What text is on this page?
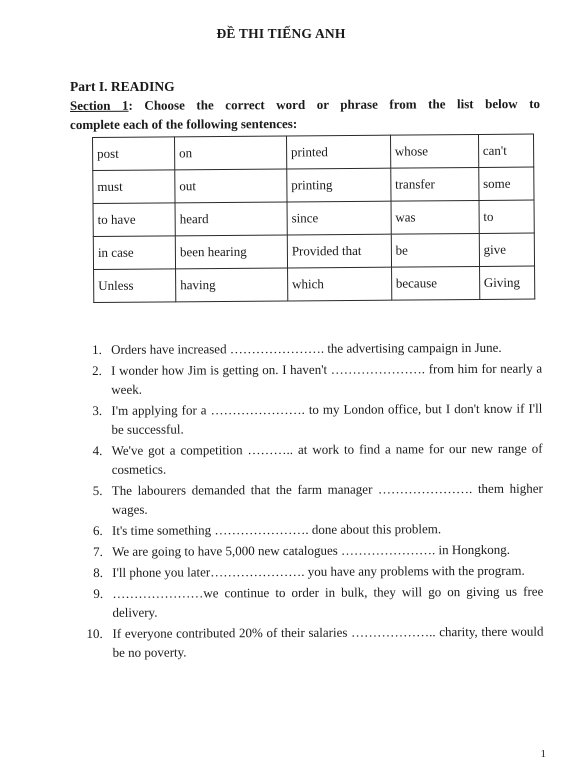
ĐỀ THI TIẾNG ANH
Part I. READING
Section 1: Choose the correct word or phrase from the list below to
complete each of the following sentences:
post	on	printed	whose	can't
must	out	printing	transfer	some
to have	heard	since	was	to
in case	been hearing	Provided that	be	give
Unless	having	which	because	Giving
1. Orders have increased …………………. the advertising campaign in June.
2. I wonder how Jim is getting on. I haven't …………………. from him for nearly a week.
3. I'm applying for a …………………. to my London office, but I don't know if I'll be successful.
4. We've got a competition ……….. at work to find a name for our new range of cosmetics.
5. The labourers demanded that the farm manager …………………. them higher wages.
6. It's time something …………………. done about this problem.
7. We are going to have 5,000 new catalogues …………………. in Hongkong.
8. I'll phone you later…………………. you have any problems with the program.
9. …………………we continue to order in bulk, they will go on giving us free delivery.
10. If everyone contributed 20% of their salaries ……………….. charity, there would be no poverty.
1
